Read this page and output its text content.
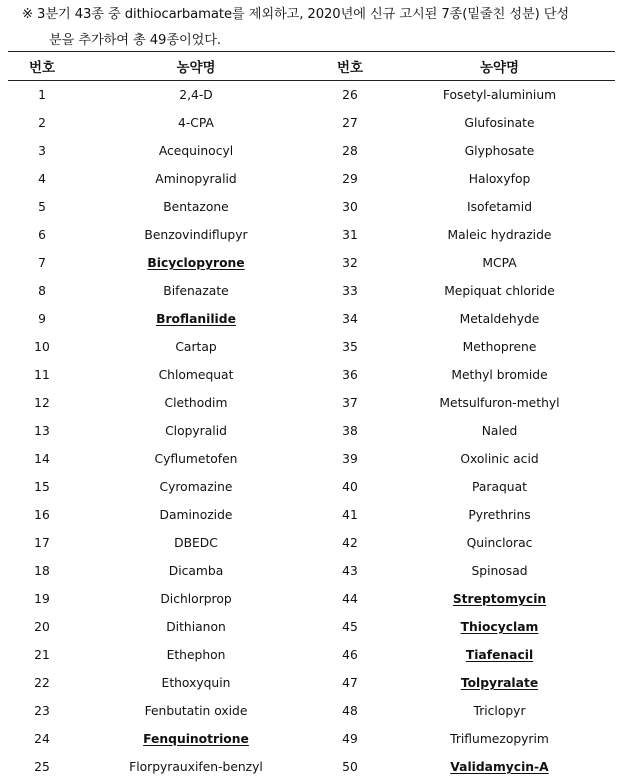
※ 3분기 43종 중 dithiocarbamate를 제외하고, 2020년에 신규 고시된 7종(밑줄친 성분) 단성
분을 추가하여 총 49종이었다.
번호	농약명	번호	농약명
1	2,4-D	26	Fosetyl-aluminium
2	4-CPA	27	Glufosinate
3	Acequinocyl	28	Glyphosate
4	Aminopyralid	29	Haloxyfop
5	Bentazone	30	Isofetamid
6	Benzovindiflupyr	31	Maleic hydrazide
7	Bicyclopyrone	32	MCPA
8	Bifenazate	33	Mepiquat chloride
9	Broflanilide	34	Metaldehyde
10	Cartap	35	Methoprene
11	Chlomequat	36	Methyl bromide
12	Clethodim	37	Metsulfuron-methyl
13	Clopyralid	38	Naled
14	Cyflumetofen	39	Oxolinic acid
15	Cyromazine	40	Paraquat
16	Daminozide	41	Pyrethrins
17	DBEDC	42	Quinclorac
18	Dicamba	43	Spinosad
19	Dichlorprop	44	Streptomycin
20	Dithianon	45	Thiocyclam
21	Ethephon	46	Tiafenacil
22	Ethoxyquin	47	Tolpyralate
23	Fenbutatin oxide	48	Triclopyr
24	Fenquinotrione	49	Triflumezopyrim
25	Florpyrauxifen-benzyl	50	Validamycin-A
